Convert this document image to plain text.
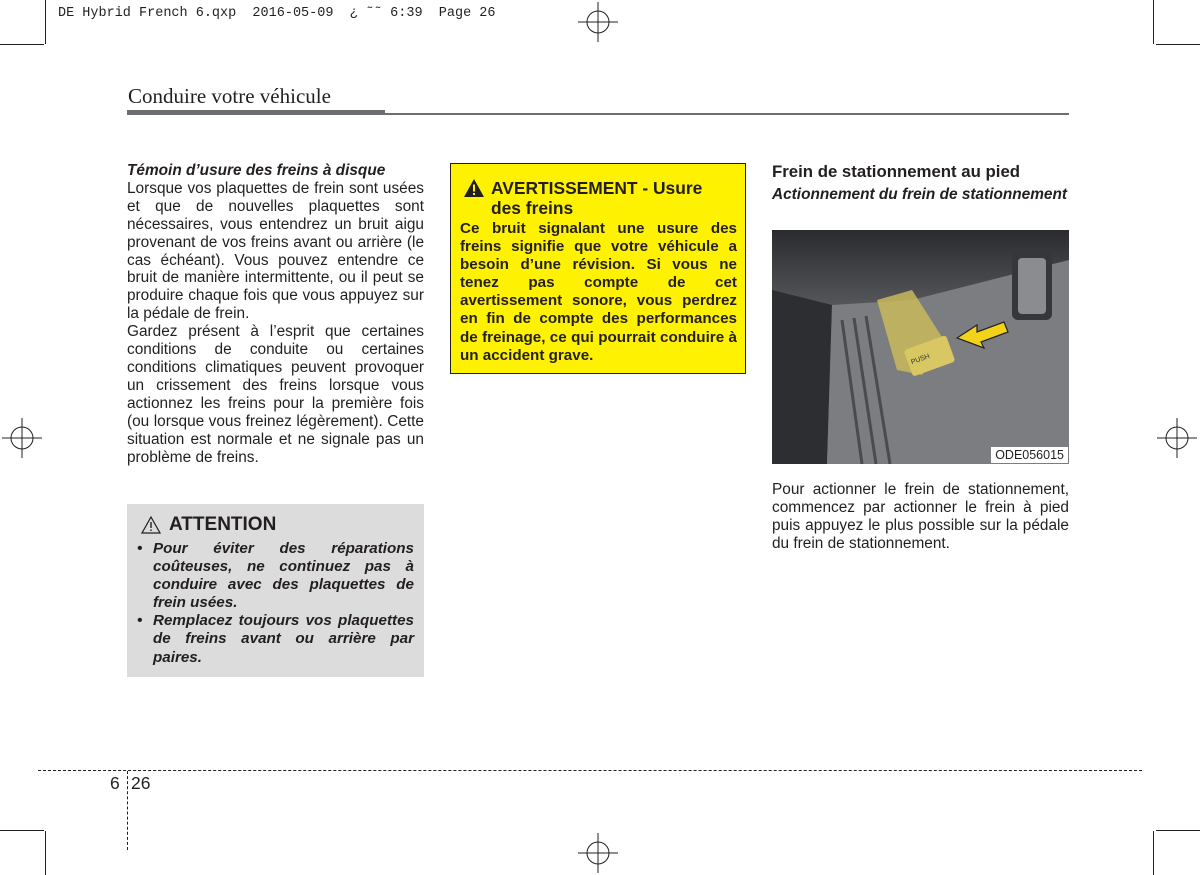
DE Hybrid French 6.qxp  2016-05-09  ¿ ˜˜ 6:39  Page 26
Conduire votre véhicule

Témoin d’usure des freins à disque

Lorsque vos plaquettes de frein sont usées et que de nouvelles plaquettes sont nécessaires, vous entendrez un bruit aigu provenant de vos freins avant ou arrière (le cas échéant). Vous pouvez entendre ce bruit de manière intermittente, ou il peut se produire chaque fois que vous appuyez sur la pédale de frein.

Gardez présent à l’esprit que certaines conditions de conduite ou certaines conditions climatiques peuvent provoquer un crissement des freins lorsque vous actionnez les freins pour la première fois (ou lorsque vous freinez légèrement). Cette situation est normale et ne signale pas un problème de freins.

ATTENTION
• Pour éviter des réparations coûteuses, ne continuez pas à conduire avec des plaquettes de frein usées.
• Remplacez toujours vos plaquettes de freins avant ou arrière par paires.
AVERTISSEMENT - Usure des freins
Ce bruit signalant une usure des freins signifie que votre véhicule a besoin d’une révision. Si vous ne tenez pas compte de cet avertissement sonore, vous perdrez en fin de compte des performances de freinage, ce qui pourrait conduire à un accident grave.
Frein de stationnement au pied
Actionnement du frein de stationnement
PUSH
ODE056015

Pour actionner le frein de stationnement, commencez par actionner le frein à pied puis appuyez le plus possible sur la pédale du frein de stationnement.

6 26
